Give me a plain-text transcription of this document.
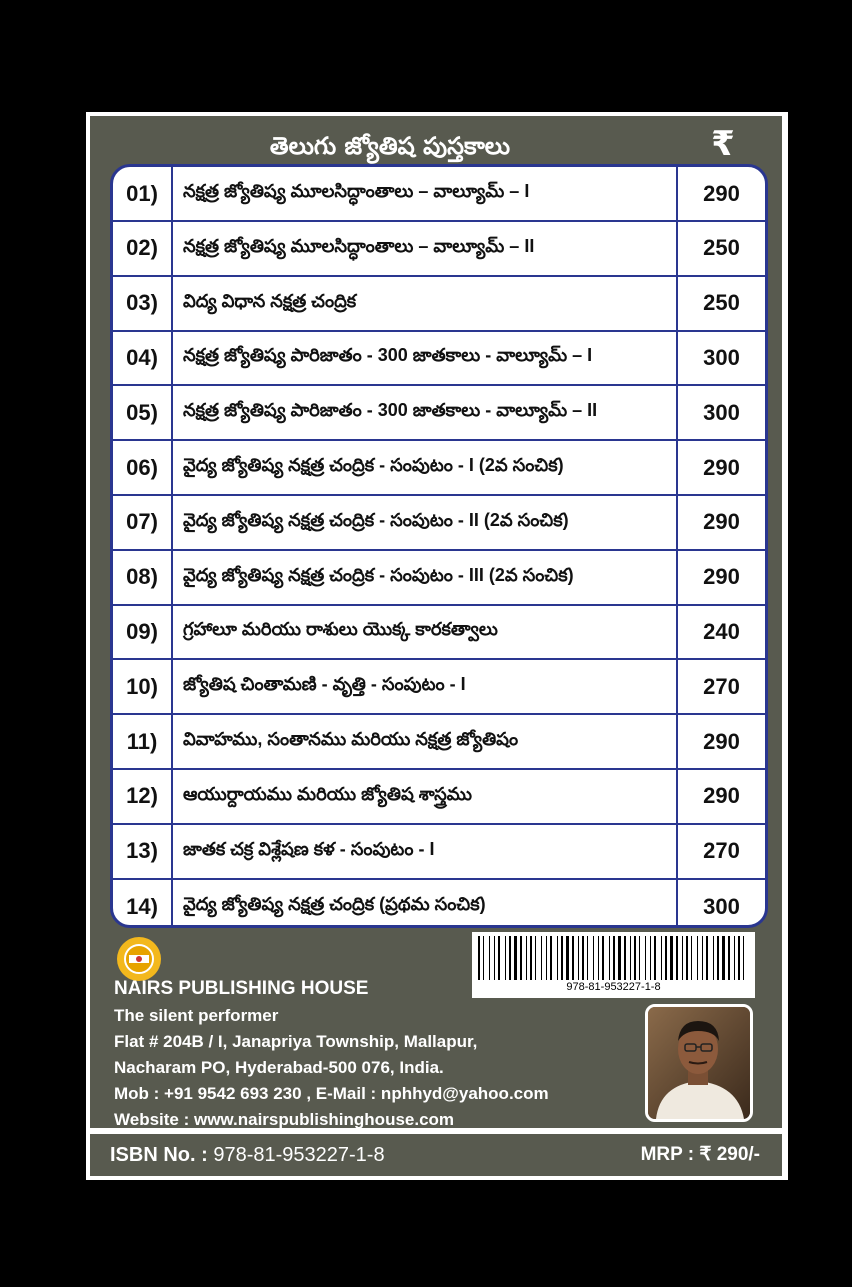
తెలుగు జ్యోతిష పుస్తకాలు	₹
01)	నక్షత్ర జ్యోతిష్య మూలసిద్ధాంతాలు – వాల్యూమ్ – I	290
02)	నక్షత్ర జ్యోతిష్య మూలసిద్ధాంతాలు – వాల్యూమ్ – II	250
03)	విద్య విధాన నక్షత్ర చంద్రిక	250
04)	నక్షత్ర జ్యోతిష్య పారిజాతం - 300 జాతకాలు - వాల్యూమ్ – I	300
05)	నక్షత్ర జ్యోతిష్య పారిజాతం - 300 జాతకాలు - వాల్యూమ్ – II	300
06)	వైద్య జ్యోతిష్య నక్షత్ర చంద్రిక - సంపుటం - I (2వ సంచిక)	290
07)	వైద్య జ్యోతిష్య నక్షత్ర చంద్రిక - సంపుటం - II (2వ సంచిక)	290
08)	వైద్య జ్యోతిష్య నక్షత్ర చంద్రిక - సంపుటం - III (2వ సంచిక)	290
09)	గ్రహాలూ మరియు రాశులు యొక్క కారకత్వాలు	240
10)	జ్యోతిష చింతామణి - వృత్తి - సంపుటం - I	270
11)	వివాహము, సంతానము మరియు నక్షత్ర జ్యోతిషం	290
12)	ఆయుర్దాయము మరియు జ్యోతిష శాస్త్రము	290
13)	జాతక చక్ర విశ్లేషణ కళ - సంపుటం - I	270
14)	వైద్య జ్యోతిష్య నక్షత్ర చంద్రిక (ప్రథమ సంచిక)	300
NAIRS PUBLISHING HOUSE
The silent performer
Flat # 204B / I, Janapriya Township, Mallapur,
Nacharam PO, Hyderabad-500 076, India.
Mob : +91 9542 693 230 , E-Mail : nphhyd@yahoo.com
Website : www.nairspublishinghouse.com
978-81-953227-1-8
ISBN No. : 978-81-953227-1-8	MRP : ₹ 290/-
